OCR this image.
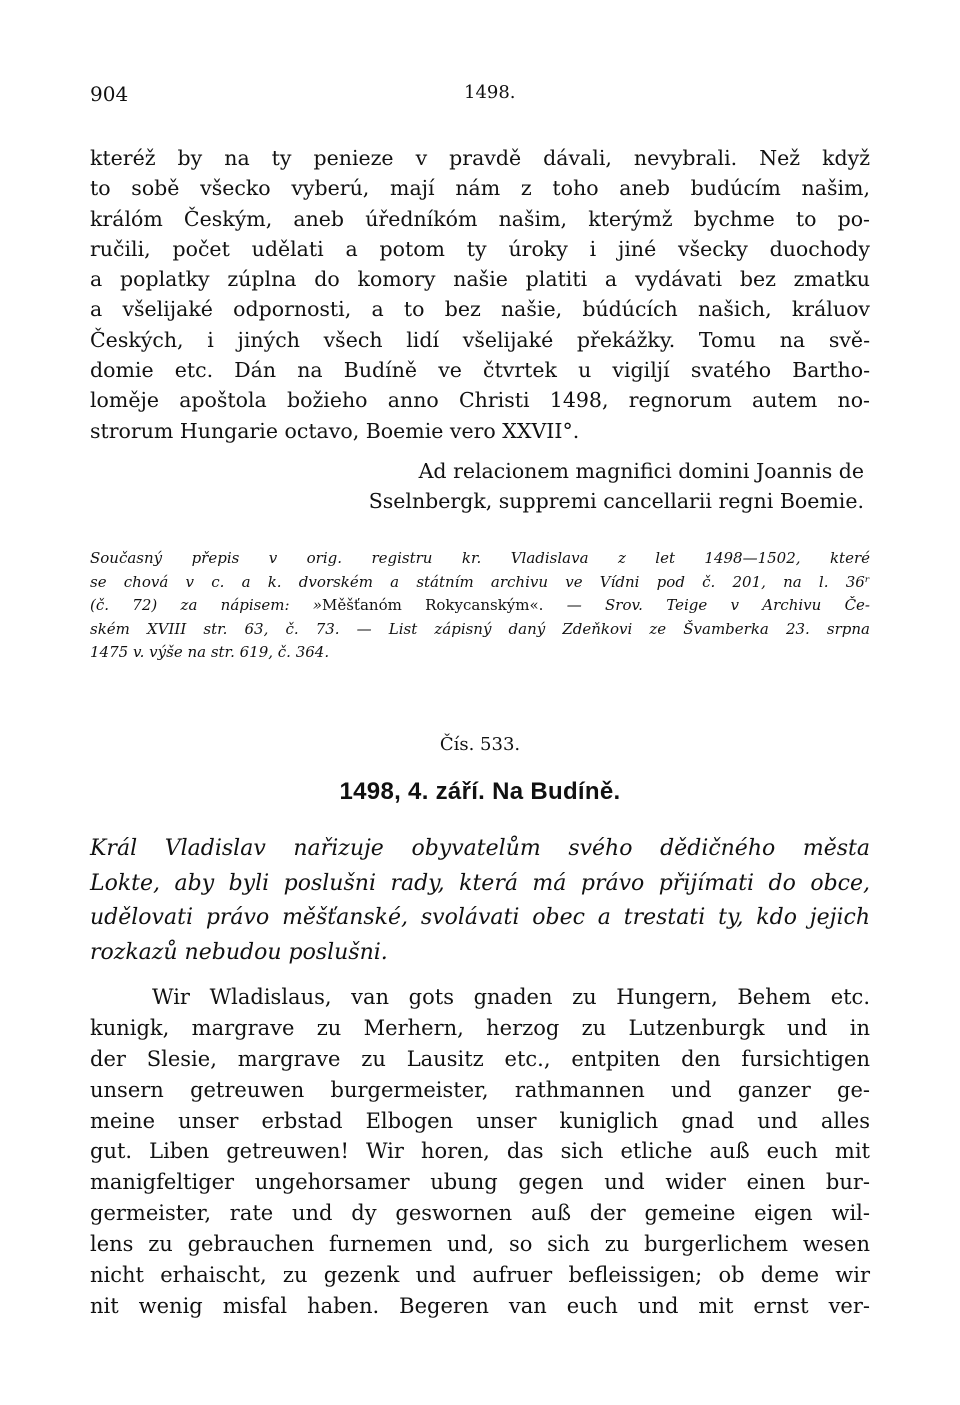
904	1498.
kteréž by na ty penieze v pravdě dávali, nevybrali. Než když
to sobě všecko vyberú, mají nám z toho aneb budúcím našim,
králóm Českým, aneb úředníkóm našim, kterýmž bychme to po-
ručili, počet udělati a potom ty úroky i jiné všecky duochody
a poplatky zúplna do komory našie platiti a vydávati bez zmatku
a všelijaké odpornosti, a to bez našie, búdúcích našich, králuov
Českých, i jiných všech lidí všelijaké překážky. Tomu na svě-
domie etc. Dán na Budíně ve čtvrtek u vigiljí svatého Bartho-
loměje apoštola božieho anno Christi 1498, regnorum autem no-
strorum Hungarie octavo, Boemie vero XXVII°.
Ad relacionem magnifici domini Joannis de
Sselnbergk, suppremi cancellarii regni Boemie.
Současný přepis v orig. registru kr. Vladislava z let 1498—1502, které
se chová v c. a k. dvorském a státním archivu ve Vídni pod č. 201, na l. 36ʳ
(č. 72) za nápisem: »Měšťanóm Rokycanským«. — Srov. Teige v Archivu Če-
ském XVIII str. 63, č. 73. — List zápisný daný Zdeňkovi ze Švamberka 23. srpna
1475 v. výše na str. 619, č. 364.
Čís. 533.
1498, 4. září. Na Budíně.
Král Vladislav nařizuje obyvatelům svého dědičného města
Lokte, aby byli poslušni rady, která má právo přijímati do obce,
udělovati právo měšťanské, svolávati obec a trestati ty, kdo jejich
rozkazů nebudou poslušni.
Wir Wladislaus, van gots gnaden zu Hungern, Behem etc.
kunigk, margrave zu Merhern, herzog zu Lutzenburgk und in
der Slesie, margrave zu Lausitz etc., entpiten den fursichtigen
unsern getreuwen burgermeister, rathmannen und ganzer ge-
meine unser erbstad Elbogen unser kuniglich gnad und alles
gut. Liben getreuwen! Wir horen, das sich etliche auß euch mit
manigfeltiger ungehorsamer ubung gegen und wider einen bur-
germeister, rate und dy geswornen auß der gemeine eigen wil-
lens zu gebrauchen furnemen und, so sich zu burgerlichem wesen
nicht erhaischt, zu gezenk und aufruer befleissigen; ob deme wir
nit wenig misfal haben. Begeren van euch und mit ernst ver-
